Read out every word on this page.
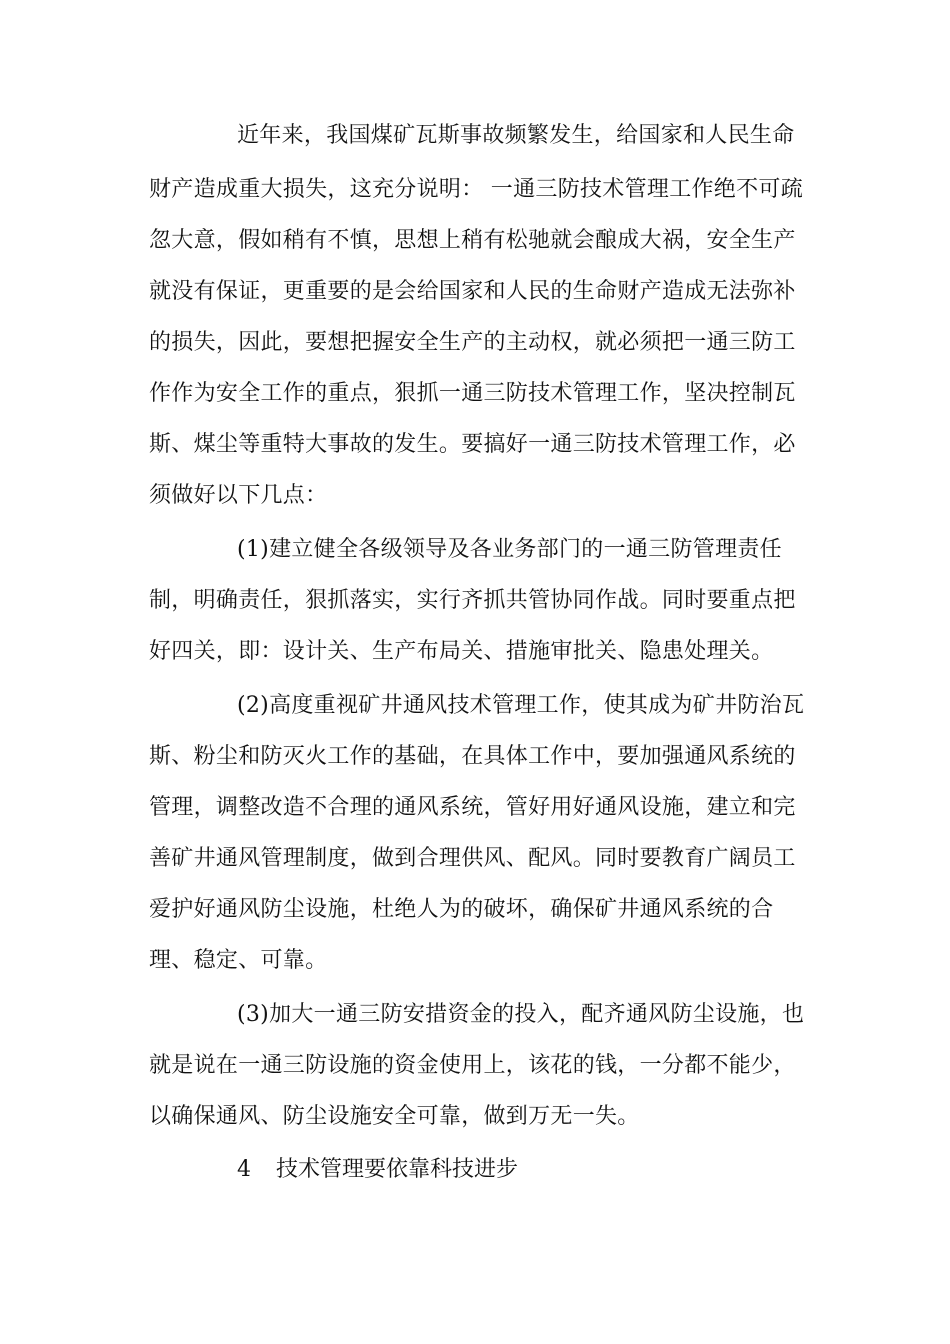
近年来，我国煤矿瓦斯事故频繁发生，给国家和人民生命
财产造成重大损失，这充分说明： 一通三防技术管理工作绝不可疏
忽大意，假如稍有不慎，思想上稍有松驰就会酿成大祸，安全生产
就没有保证，更重要的是会给国家和人民的生命财产造成无法弥补
的损失，因此，要想把握安全生产的主动权，就必须把一通三防工
作作为安全工作的重点，狠抓一通三防技术管理工作，坚决控制瓦
斯、煤尘等重特大事故的发生。要搞好一通三防技术管理工作，必
须做好以下几点：
(1)建立健全各级领导及各业务部门的一通三防管理责任
制，明确责任，狠抓落实，实行齐抓共管协同作战。同时要重点把
好四关，即：设计关、生产布局关、措施审批关、隐患处理关。
(2)高度重视矿井通风技术管理工作，使其成为矿井防治瓦
斯、粉尘和防灭火工作的基础，在具体工作中，要加强通风系统的
管理，调整改造不合理的通风系统，管好用好通风设施，建立和完
善矿井通风管理制度，做到合理供风、配风。同时要教育广阔员工
爱护好通风防尘设施，杜绝人为的破坏，确保矿井通风系统的合
理、稳定、可靠。
(3)加大一通三防安措资金的投入，配齐通风防尘设施，也
就是说在一通三防设施的资金使用上，该花的钱，一分都不能少，
以确保通风、防尘设施安全可靠，做到万无一失。
4 技术管理要依靠科技进步
